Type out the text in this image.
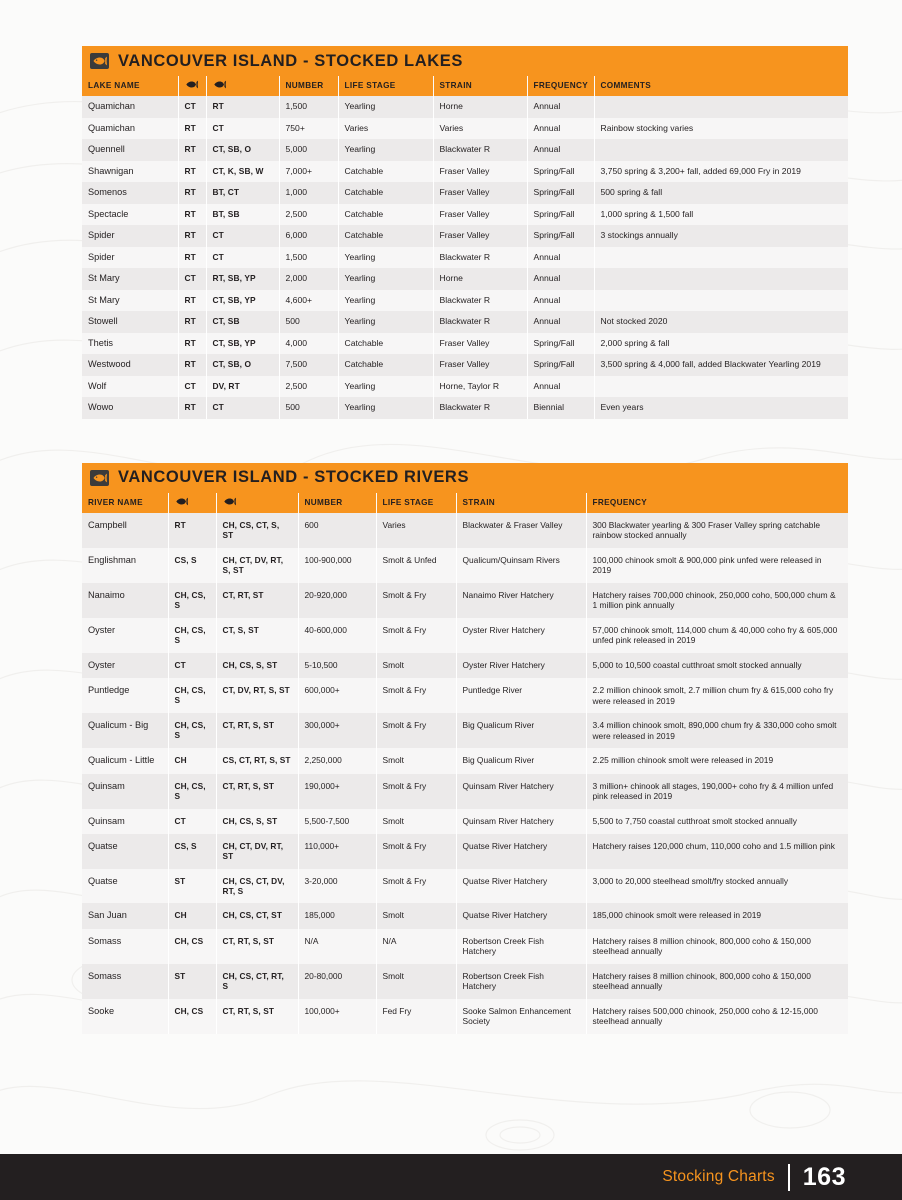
VANCOUVER ISLAND - STOCKED LAKES
LAKE NAME			NUMBER	LIFE STAGE	STRAIN	FREQUENCY	COMMENTS
Quamichan	CT	RT	1,500	Yearling	Horne	Annual	
Quamichan	RT	CT	750+	Varies	Varies	Annual	Rainbow stocking varies
Quennell	RT	CT, SB, O	5,000	Yearling	Blackwater R	Annual	
Shawnigan	RT	CT, K, SB, W	7,000+	Catchable	Fraser Valley	Spring/Fall	3,750 spring & 3,200+ fall, added 69,000 Fry in 2019
Somenos	RT	BT, CT	1,000	Catchable	Fraser Valley	Spring/Fall	500 spring & fall
Spectacle	RT	BT, SB	2,500	Catchable	Fraser Valley	Spring/Fall	1,000 spring & 1,500 fall
Spider	RT	CT	6,000	Catchable	Fraser Valley	Spring/Fall	3 stockings annually
Spider	RT	CT	1,500	Yearling	Blackwater R	Annual	
St Mary	CT	RT, SB, YP	2,000	Yearling	Horne	Annual	
St Mary	RT	CT, SB, YP	4,600+	Yearling	Blackwater R	Annual	
Stowell	RT	CT, SB	500	Yearling	Blackwater R	Annual	Not stocked 2020
Thetis	RT	CT, SB, YP	4,000	Catchable	Fraser Valley	Spring/Fall	2,000 spring & fall
Westwood	RT	CT, SB, O	7,500	Catchable	Fraser Valley	Spring/Fall	3,500 spring & 4,000 fall, added Blackwater Yearling 2019
Wolf	CT	DV, RT	2,500	Yearling	Horne, Taylor R	Annual	
Wowo	RT	CT	500	Yearling	Blackwater R	Biennial	Even years
VANCOUVER ISLAND - STOCKED RIVERS
RIVER NAME			NUMBER	LIFE STAGE	STRAIN	FREQUENCY
Campbell	RT	CH, CS, CT, S, ST	600	Varies	Blackwater & Fraser Valley	300 Blackwater yearling & 300 Fraser Valley spring catchable rainbow stocked annually
Englishman	CS, S	CH, CT, DV, RT, S, ST	100-900,000	Smolt & Unfed	Qualicum/Quinsam Rivers	100,000 chinook smolt & 900,000 pink unfed were released in 2019
Nanaimo	CH, CS, S	CT, RT, ST	20-920,000	Smolt & Fry	Nanaimo River Hatchery	Hatchery raises 700,000 chinook, 250,000 coho, 500,000 chum & 1 million pink annually
Oyster	CH, CS, S	CT, S, ST	40-600,000	Smolt & Fry	Oyster River Hatchery	57,000 chinook smolt, 114,000 chum & 40,000 coho fry & 605,000 unfed pink released in 2019
Oyster	CT	CH, CS, S, ST	5-10,500	Smolt	Oyster River Hatchery	5,000 to 10,500 coastal cutthroat smolt stocked annually
Puntledge	CH, CS, S	CT, DV, RT, S, ST	600,000+	Smolt & Fry	Puntledge River	2.2 million chinook smolt, 2.7 million chum fry & 615,000 coho fry were released in 2019
Qualicum - Big	CH, CS, S	CT, RT, S, ST	300,000+	Smolt & Fry	Big Qualicum River	3.4 million chinook smolt, 890,000 chum fry & 330,000 coho smolt were released in 2019
Qualicum - Little	CH	CS, CT, RT, S, ST	2,250,000	Smolt	Big Qualicum River	2.25 million chinook smolt were released in 2019
Quinsam	CH, CS, S	CT, RT, S, ST	190,000+	Smolt & Fry	Quinsam River Hatchery	3 million+ chinook all stages, 190,000+ coho fry & 4 million unfed pink released in 2019
Quinsam	CT	CH, CS, S, ST	5,500-7,500	Smolt	Quinsam River Hatchery	5,500 to 7,750 coastal cutthroat smolt stocked annually
Quatse	CS, S	CH, CT, DV, RT, ST	110,000+	Smolt & Fry	Quatse River Hatchery	Hatchery raises 120,000 chum, 110,000 coho and 1.5 million pink
Quatse	ST	CH, CS, CT, DV, RT, S	3-20,000	Smolt & Fry	Quatse River Hatchery	3,000 to 20,000 steelhead smolt/fry stocked annually
San Juan	CH	CH, CS, CT, ST	185,000	Smolt	Quatse River Hatchery	185,000 chinook smolt were released in 2019
Somass	CH, CS	CT, RT, S, ST	N/A	N/A	Robertson Creek Fish Hatchery	Hatchery raises 8 million chinook, 800,000 coho & 150,000 steelhead annually
Somass	ST	CH, CS, CT, RT, S	20-80,000	Smolt	Robertson Creek Fish Hatchery	Hatchery raises 8 million chinook, 800,000 coho & 150,000 steelhead annually
Sooke	CH, CS	CT, RT, S, ST	100,000+	Fed Fry	Sooke Salmon Enhancement Society	Hatchery raises 500,000 chinook, 250,000 coho & 12-15,000 steelhead annually
Stocking Charts 163
